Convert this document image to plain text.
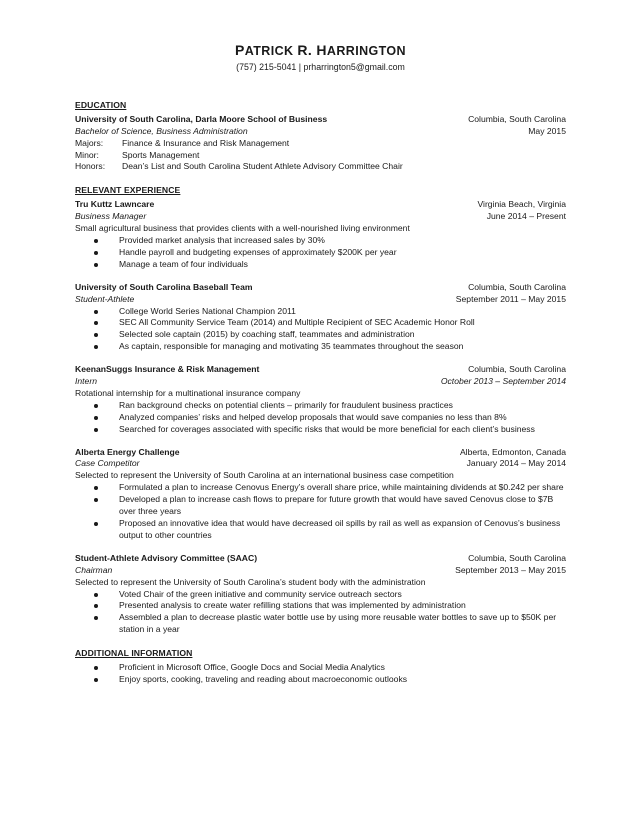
PATRICK R. HARRINGTON
(757) 215-5041 | prharrington5@gmail.com
EDUCATION
University of South Carolina, Darla Moore School of Business	Columbia, South Carolina
Bachelor of Science, Business Administration	May 2015
Majors:	Finance & Insurance and Risk Management
Minor:	Sports Management
Honors:	Dean’s List and South Carolina Student Athlete Advisory Committee Chair
RELEVANT EXPERIENCE
Tru Kuttz Lawncare	Virginia Beach, Virginia
Business Manager	June 2014 – Present
Small agricultural business that provides clients with a well-nourished living environment
Provided market analysis that increased sales by 30%
Handle payroll and budgeting expenses of approximately $200K per year
Manage a team of four individuals
University of South Carolina Baseball Team	Columbia, South Carolina
Student-Athlete	September 2011 – May 2015
College World Series National Champion 2011
SEC All Community Service Team (2014) and Multiple Recipient of SEC Academic Honor Roll
Selected sole captain (2015) by coaching staff, teammates and administration
As captain, responsible for managing and motivating 35 teammates throughout the season
KeenanSuggs Insurance & Risk Management	Columbia, South Carolina
Intern	October 2013 – September 2014
Rotational internship for a multinational insurance company
Ran background checks on potential clients – primarily for fraudulent business practices
Analyzed companies’ risks and helped develop proposals that would save companies no less than 8%
Searched for coverages associated with specific risks that would be more beneficial for each client’s business
Alberta Energy Challenge	Alberta, Edmonton, Canada
Case Competitor	January 2014 – May 2014
Selected to represent the University of South Carolina at an international business case competition
Formulated a plan to increase Cenovus Energy’s overall share price, while maintaining dividends at $0.242 per share
Developed a plan to increase cash flows to prepare for future growth that would have saved Cenovus close to $7B over three years
Proposed an innovative idea that would have decreased oil spills by rail as well as expansion of Cenovus’s business output to other countries
Student-Athlete Advisory Committee (SAAC)	Columbia, South Carolina
Chairman	September 2013 – May 2015
Selected to represent the University of South Carolina’s student body with the administration
Voted Chair of the green initiative and community service outreach sectors
Presented analysis to create water refilling stations that was implemented by administration
Assembled a plan to decrease plastic water bottle use by using more reusable water bottles to save up to $50K per station in a year
ADDITIONAL INFORMATION
Proficient in Microsoft Office, Google Docs and Social Media Analytics
Enjoy sports, cooking, traveling and reading about macroeconomic outlooks
